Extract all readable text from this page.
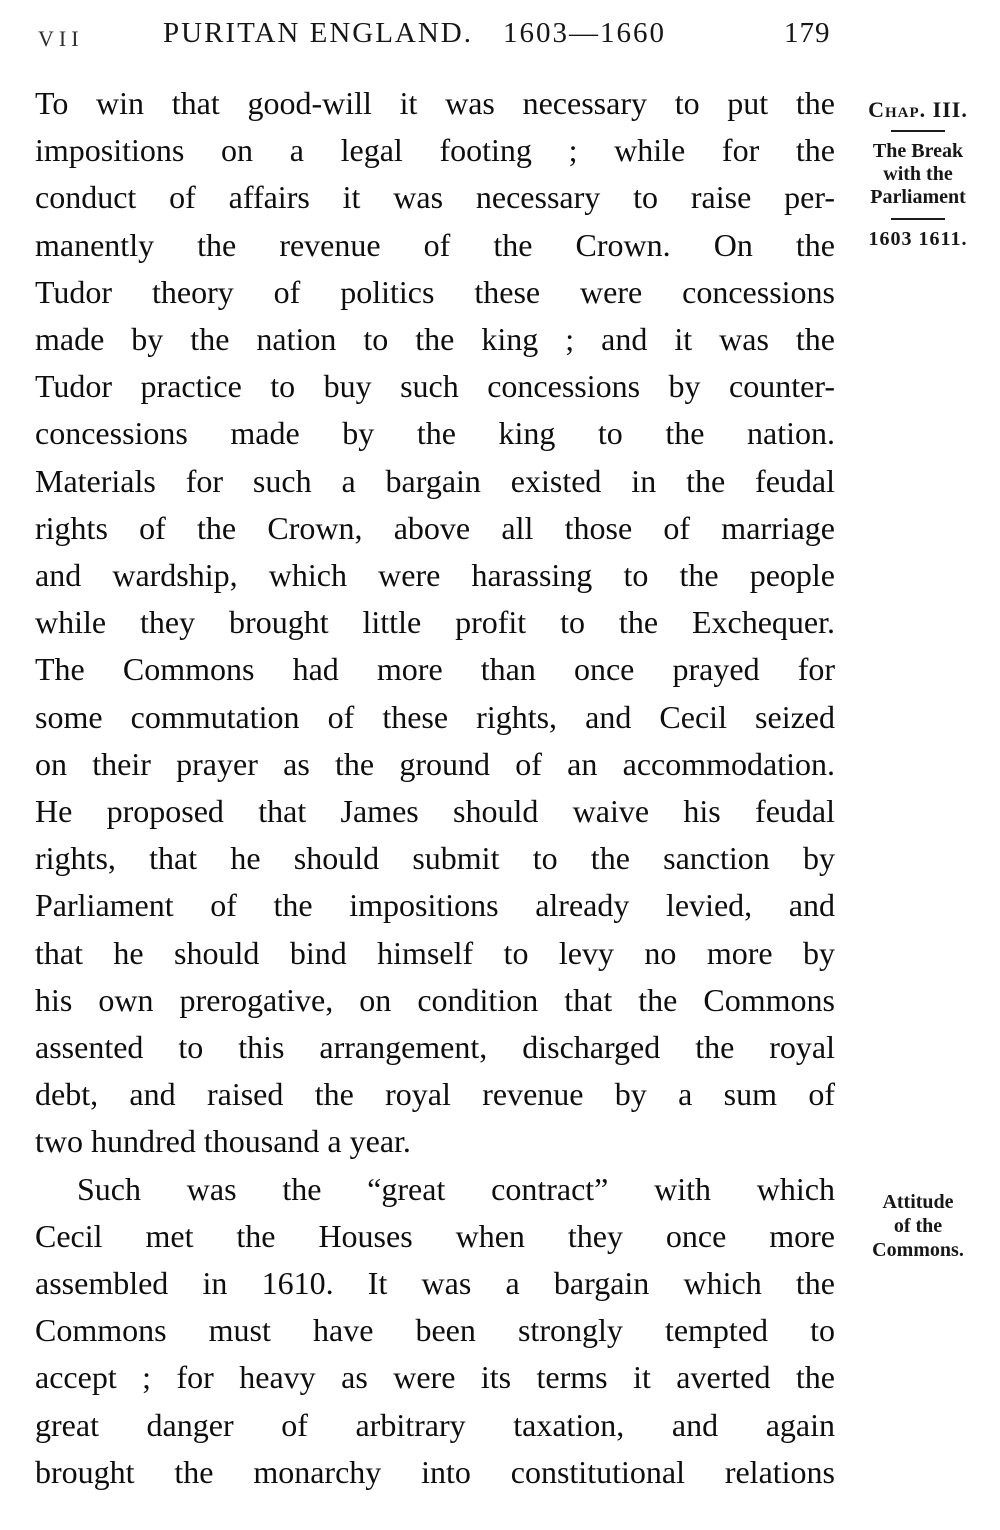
VII	PURITAN ENGLAND. 1603—1660	179
To win that good-will it was necessary to put the
impositions on a legal footing ; while for the
conduct of affairs it was necessary to raise per-
manently the revenue of the Crown. On the
Tudor theory of politics these were concessions
made by the nation to the king ; and it was the
Tudor practice to buy such concessions by counter-
concessions made by the king to the nation.
Materials for such a bargain existed in the feudal
rights of the Crown, above all those of marriage
and wardship, which were harassing to the people
while they brought little profit to the Exchequer.
The Commons had more than once prayed for
some commutation of these rights, and Cecil seized
on their prayer as the ground of an accommodation.
He proposed that James should waive his feudal
rights, that he should submit to the sanction by
Parliament of the impositions already levied, and
that he should bind himself to levy no more by
his own prerogative, on condition that the Commons
assented to this arrangement, discharged the royal
debt, and raised the royal revenue by a sum of
two hundred thousand a year.
Such was the “great contract” with which
Cecil met the Houses when they once more
assembled in 1610. It was a bargain which the
Commons must have been strongly tempted to
accept ; for heavy as were its terms it averted the
great danger of arbitrary taxation, and again
brought the monarchy into constitutional relations
Chap. III.
The Break
with the
Parliament
1603 1611.
Attitude
of the
Commons.
